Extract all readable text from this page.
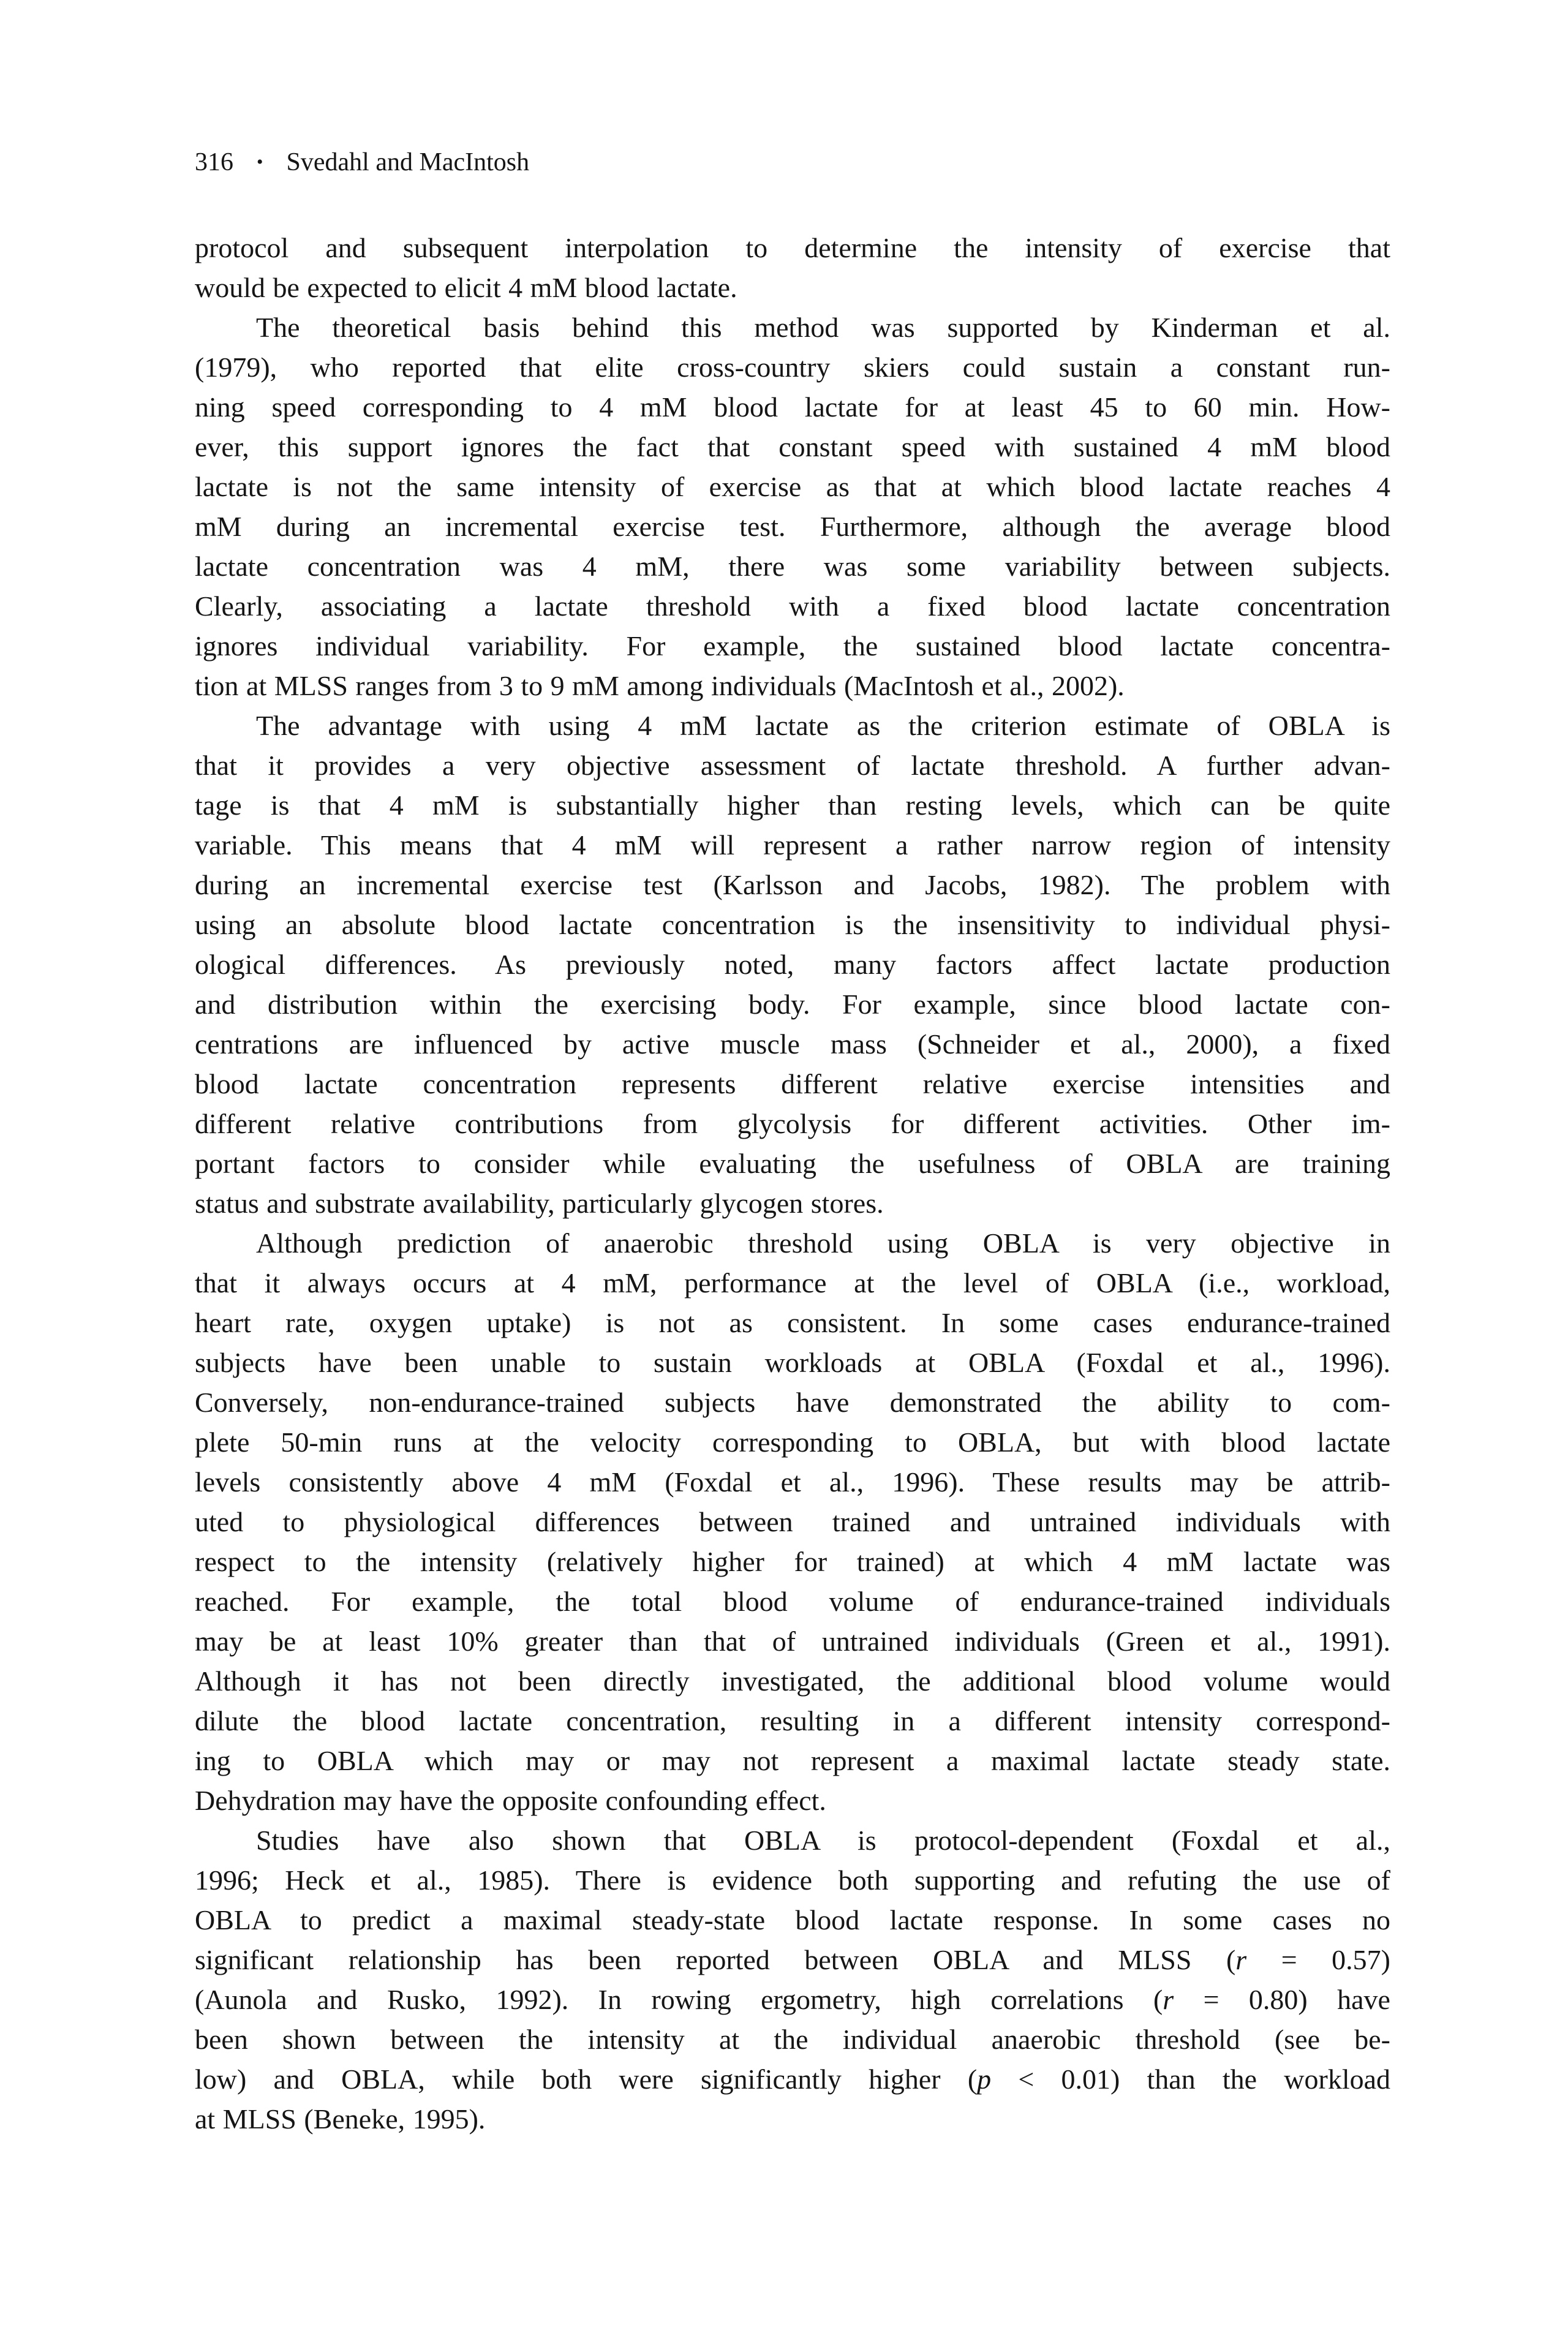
316 • Svedahl and MacIntosh
protocol and subsequent interpolation to determine the intensity of exercise that
would be expected to elicit 4 mM blood lactate.
The theoretical basis behind this method was supported by Kinderman et al.
(1979), who reported that elite cross-country skiers could sustain a constant run-
ning speed corresponding to 4 mM blood lactate for at least 45 to 60 min. How-
ever, this support ignores the fact that constant speed with sustained 4 mM blood
lactate is not the same intensity of exercise as that at which blood lactate reaches 4
mM during an incremental exercise test. Furthermore, although the average blood
lactate concentration was 4 mM, there was some variability between subjects.
Clearly, associating a lactate threshold with a fixed blood lactate concentration
ignores individual variability. For example, the sustained blood lactate concentra-
tion at MLSS ranges from 3 to 9 mM among individuals (MacIntosh et al., 2002).
The advantage with using 4 mM lactate as the criterion estimate of OBLA is
that it provides a very objective assessment of lactate threshold. A further advan-
tage is that 4 mM is substantially higher than resting levels, which can be quite
variable. This means that 4 mM will represent a rather narrow region of intensity
during an incremental exercise test (Karlsson and Jacobs, 1982). The problem with
using an absolute blood lactate concentration is the insensitivity to individual physi-
ological differences. As previously noted, many factors affect lactate production
and distribution within the exercising body. For example, since blood lactate con-
centrations are influenced by active muscle mass (Schneider et al., 2000), a fixed
blood lactate concentration represents different relative exercise intensities and
different relative contributions from glycolysis for different activities. Other im-
portant factors to consider while evaluating the usefulness of OBLA are training
status and substrate availability, particularly glycogen stores.
Although prediction of anaerobic threshold using OBLA is very objective in
that it always occurs at 4 mM, performance at the level of OBLA (i.e., workload,
heart rate, oxygen uptake) is not as consistent. In some cases endurance-trained
subjects have been unable to sustain workloads at OBLA (Foxdal et al., 1996).
Conversely, non-endurance-trained subjects have demonstrated the ability to com-
plete 50-min runs at the velocity corresponding to OBLA, but with blood lactate
levels consistently above 4 mM (Foxdal et al., 1996). These results may be attrib-
uted to physiological differences between trained and untrained individuals with
respect to the intensity (relatively higher for trained) at which 4 mM lactate was
reached. For example, the total blood volume of endurance-trained individuals
may be at least 10% greater than that of untrained individuals (Green et al., 1991).
Although it has not been directly investigated, the additional blood volume would
dilute the blood lactate concentration, resulting in a different intensity correspond-
ing to OBLA which may or may not represent a maximal lactate steady state.
Dehydration may have the opposite confounding effect.
Studies have also shown that OBLA is protocol-dependent (Foxdal et al.,
1996; Heck et al., 1985). There is evidence both supporting and refuting the use of
OBLA to predict a maximal steady-state blood lactate response. In some cases no
significant relationship has been reported between OBLA and MLSS (r = 0.57)
(Aunola and Rusko, 1992). In rowing ergometry, high correlations (r = 0.80) have
been shown between the intensity at the individual anaerobic threshold (see be-
low) and OBLA, while both were significantly higher (p < 0.01) than the workload
at MLSS (Beneke, 1995).
